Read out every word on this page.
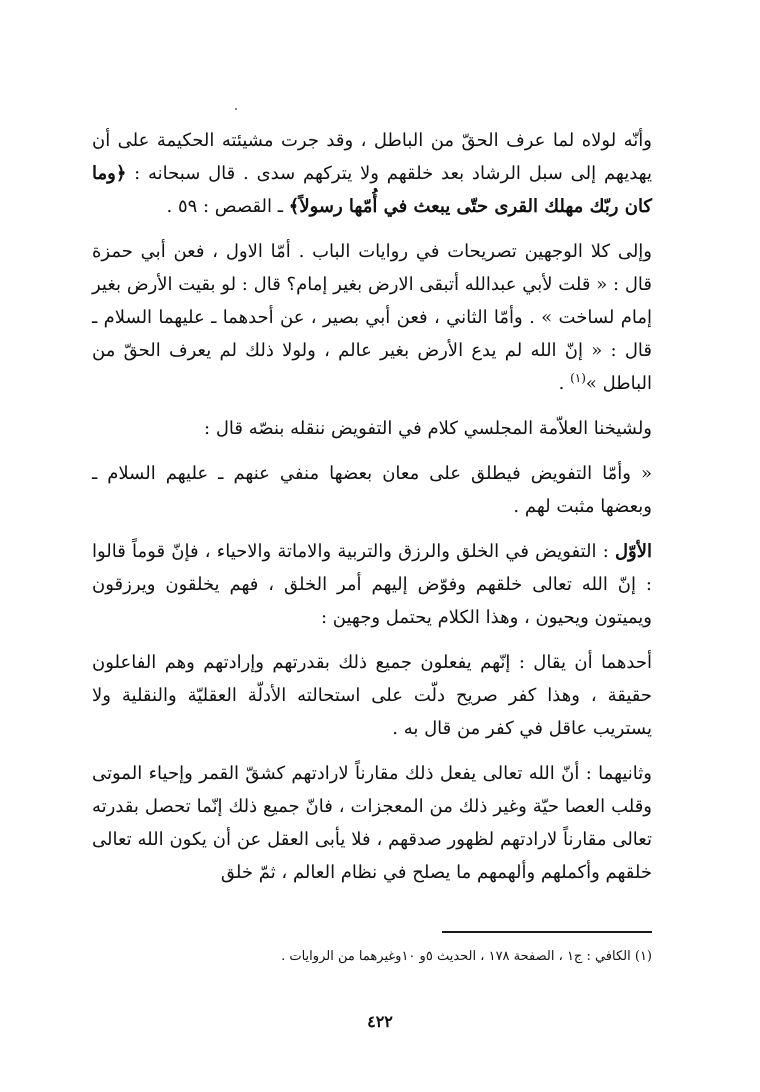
وأنّه لولاه لما عرف الحقّ من الباطل ، وقد جرت مشيئته الحكيمة على أن يهديهم إلى سبل الرشاد بعد خلقهم ولا يتركهم سدى . قال سبحانه : ﴿وما كان ربّك مهلك القرى حتّى يبعث في أُمّها رسولاً﴾ ـ القصص : ٥٩ .

وإلى كلا الوجهين تصريحات في روايات الباب . أمّا الاول ، فعن أبي حمزة قال : « قلت لأبي عبدالله أتبقى الارض بغير إمام؟ قال : لو بقيت الأرض بغير إمام لساخت » . وأمّا الثاني ، فعن أبي بصير ، عن أحدهما ـ عليهما السلام ـ قال : « إنّ الله لم يدع الأرض بغير عالم ، ولولا ذلك لم يعرف الحقّ من الباطل »$^{(١)}$ .

ولشيخنا العلاّمة المجلسي كلام في التفويض ننقله بنصّه قال :

« وأمّا التفويض فيطلق على معان بعضها منفي عنهم ـ عليهم السلام ـ وبعضها مثبت لهم .

الأوّل : التفويض في الخلق والرزق والتربية والاماتة والاحياء ، فإنّ قوماً قالوا : إنّ الله تعالى خلقهم وفوّض إليهم أمر الخلق ، فهم يخلقون ويرزقون ويميتون ويحيون ، وهذا الكلام يحتمل وجهين :

أحدهما أن يقال : إنّهم يفعلون جميع ذلك بقدرتهم وإرادتهم وهم الفاعلون حقيقة ، وهذا كفر صريح دلّت على استحالته الأدلّة العقليّة والنقلية ولا يستريب عاقل في كفر من قال به .

وثانيهما : أنّ الله تعالى يفعل ذلك مقارناً لارادتهم كشقّ القمر وإحياء الموتى وقلب العصا حيّة وغير ذلك من المعجزات ، فانّ جميع ذلك إنّما تحصل بقدرته تعالى مقارناً لارادتهم لظهور صدقهم ، فلا يأبى العقل عن أن يكون الله تعالى خلقهم وأكملهم وألهمهم ما يصلح في نظام العالم ، ثمّ خلق

(١) الكافي : ج١ ، الصفحة ١٧٨ ، الحديث ٥و ١٠وغيرهما من الروايات .

٤٢٢
